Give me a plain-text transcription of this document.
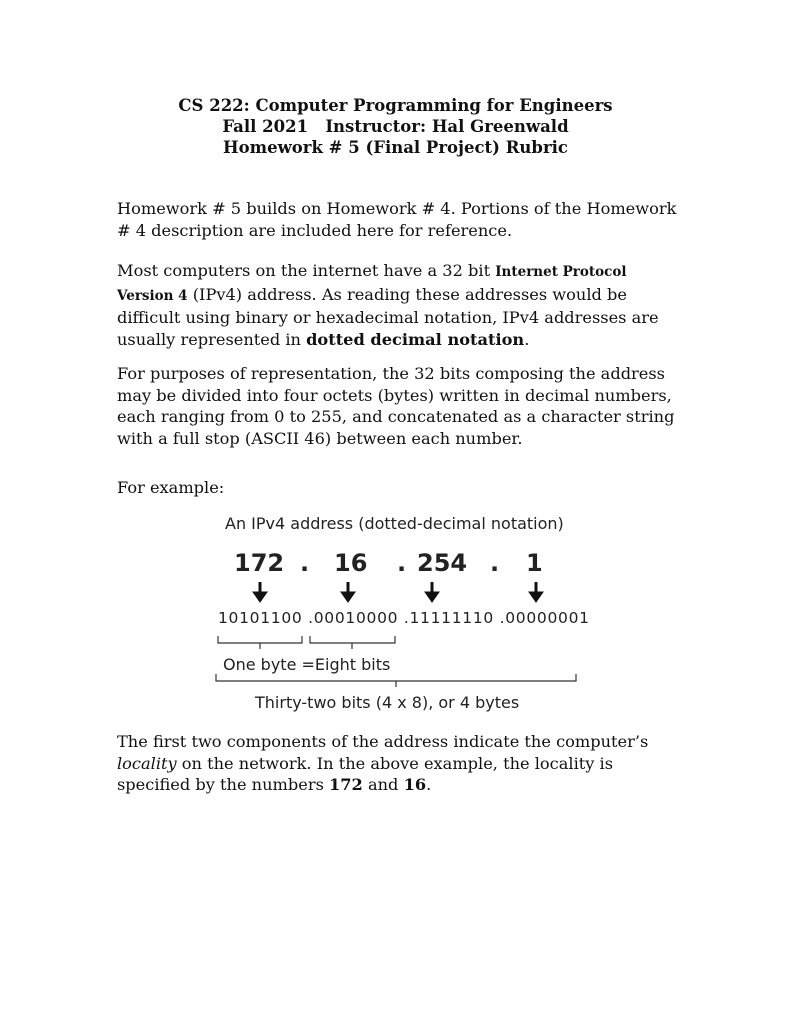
CS 222: Computer Programming for Engineers
Fall 2021   Instructor: Hal Greenwald
Homework # 5 (Final Project) Rubric

Homework # 5 builds on Homework # 4. Portions of the Homework # 4 description are included here for reference.

Most computers on the internet have a 32 bit Internet Protocol Version 4 (IPv4) address. As reading these addresses would be difficult using binary or hexadecimal notation, IPv4 addresses are usually represented in dotted decimal notation.

For purposes of representation, the 32 bits composing the address may be divided into four octets (bytes) written in decimal numbers, each ranging from 0 to 255, and concatenated as a character string with a full stop (ASCII 46) between each number.

For example:

An IPv4 address (dotted-decimal notation)
172 . 16 . 254 . 1
10101100 .00010000 .11111110 .00000001
One byte =Eight bits
Thirty-two bits (4 x 8), or 4 bytes

The first two components of the address indicate the computer’s locality on the network. In the above example, the locality is specified by the numbers 172 and 16.
